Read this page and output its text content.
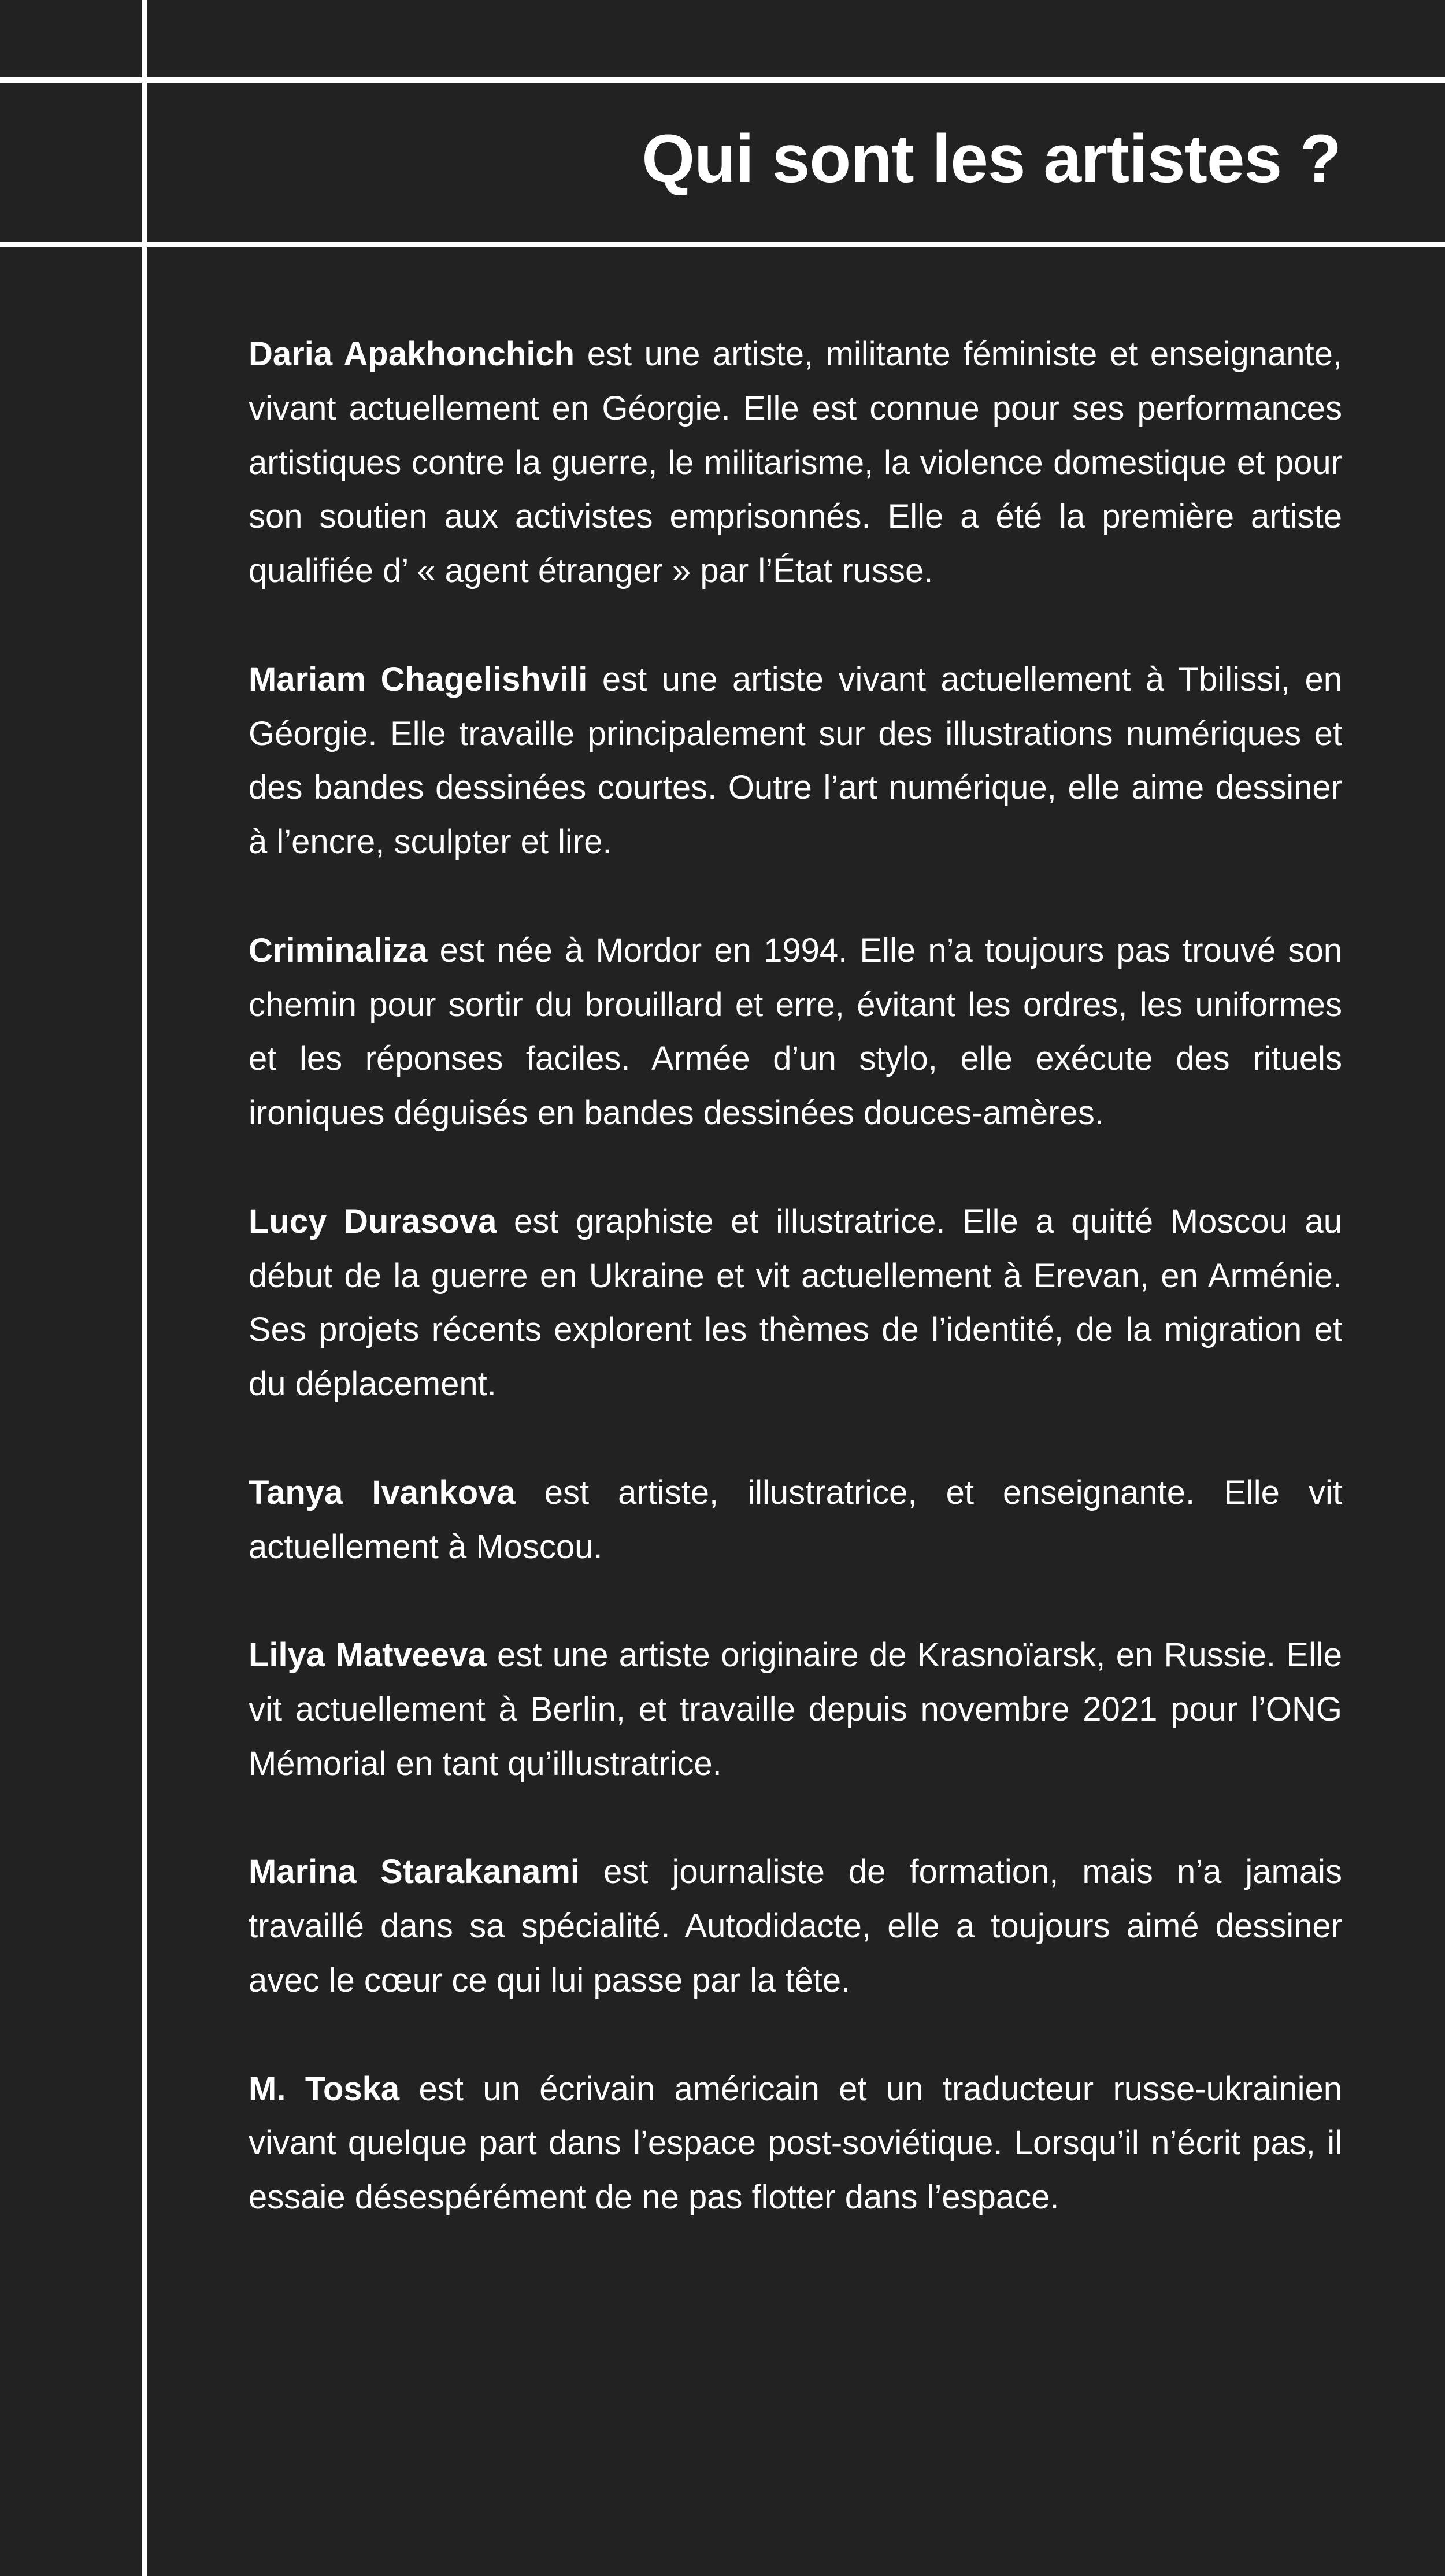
Qui sont les artistes ?

Daria Apakhonchich est une artiste, militante féministe et enseignante, vivant actuellement en Géorgie. Elle est connue pour ses performances artistiques contre la guerre, le militarisme, la violence domestique et pour son soutien aux activistes emprisonnés. Elle a été la première artiste qualifiée d’ « agent étranger » par l’État russe.

Mariam Chagelishvili est une artiste vivant actuellement à Tbilissi, en Géorgie. Elle travaille principalement sur des illustrations numériques et des bandes dessinées courtes. Outre l’art numérique, elle aime dessiner à l’encre, sculpter et lire.

Criminaliza est née à Mordor en 1994. Elle n’a toujours pas trouvé son chemin pour sortir du brouillard et erre, évitant les ordres, les uniformes et les réponses faciles. Armée d’un stylo, elle exécute des rituels ironiques déguisés en bandes dessinées douces-amères.

Lucy Durasova est graphiste et illustratrice. Elle a quitté Moscou au début de la guerre en Ukraine et vit actuellement à Erevan, en Arménie. Ses projets récents explorent les thèmes de l’identité, de la migration et du déplacement.

Tanya Ivankova est artiste, illustratrice, et enseignante. Elle vit actuellement à Moscou.

Lilya Matveeva est une artiste originaire de Krasnoïarsk, en Russie. Elle vit actuellement à Berlin, et travaille depuis novembre 2021 pour l’ONG Mémorial en tant qu’illustratrice.

Marina Starakanami est journaliste de formation, mais n’a jamais travaillé dans sa spécialité. Autodidacte, elle a toujours aimé dessiner avec le cœur ce qui lui passe par la tête.

M. Toska est un écrivain américain et un traducteur russe-ukrainien vivant quelque part dans l’espace post-soviétique. Lorsqu’il n’écrit pas, il essaie désespérément de ne pas flotter dans l’espace.
